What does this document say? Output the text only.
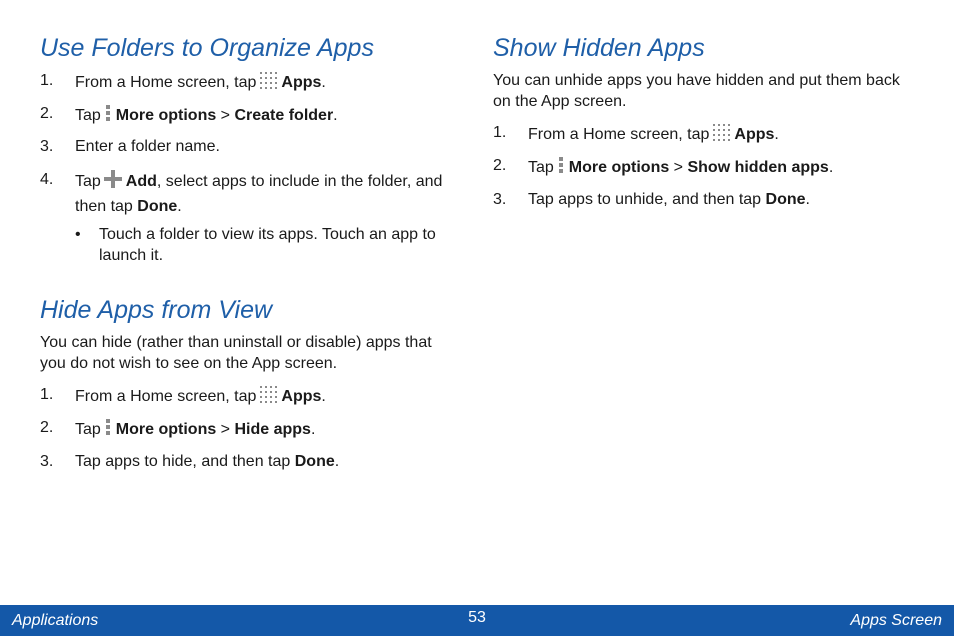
Use Folders to Organize Apps
1. From a Home screen, tap Apps.
2. Tap More options > Create folder.
3. Enter a folder name.
4. Tap Add, select apps to include in the folder, and then tap Done.
• Touch a folder to view its apps. Touch an app to launch it.
Hide Apps from View

You can hide (rather than uninstall or disable) apps that you do not wish to see on the App screen.

1. From a Home screen, tap Apps.
2. Tap More options > Hide apps.
3. Tap apps to hide, and then tap Done.
Show Hidden Apps

You can unhide apps you have hidden and put them back on the App screen.

1. From a Home screen, tap Apps.
2. Tap More options > Show hidden apps.
3. Tap apps to unhide, and then tap Done.
Applications	53	Apps Screen
